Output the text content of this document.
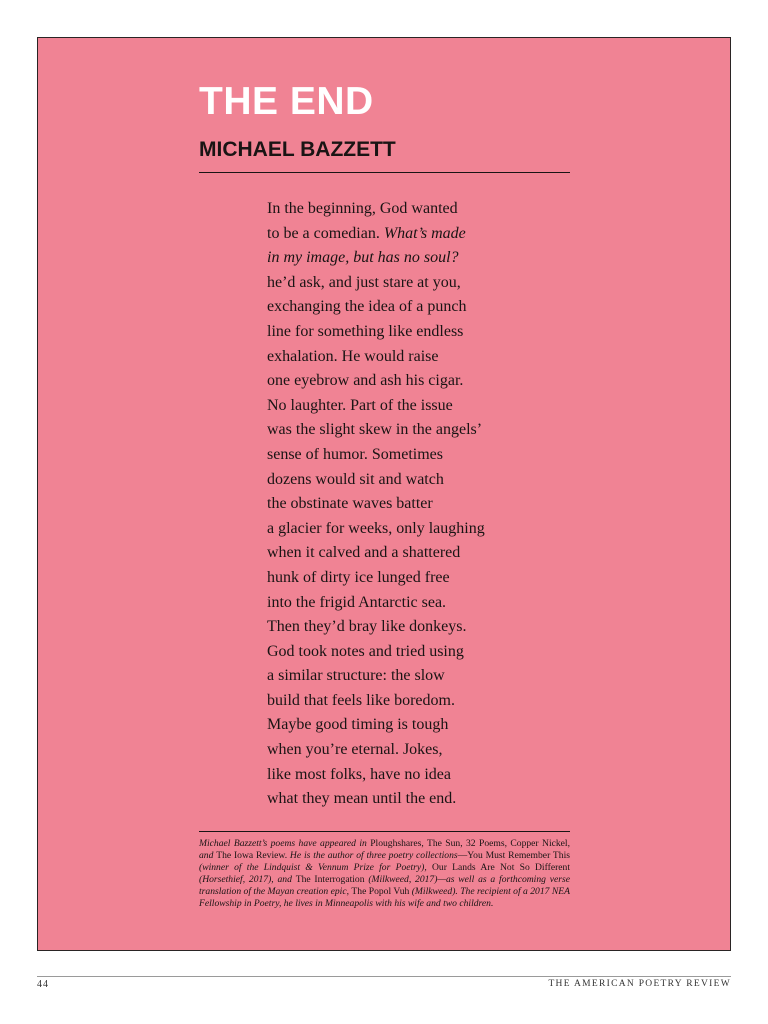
THE END
MICHAEL BAZZETT
In the beginning, God wanted
to be a comedian. What’s made
in my image, but has no soul?
he’d ask, and just stare at you,
exchanging the idea of a punch
line for something like endless
exhalation. He would raise
one eyebrow and ash his cigar.
No laughter. Part of the issue
was the slight skew in the angels’
sense of humor. Sometimes
dozens would sit and watch
the obstinate waves batter
a glacier for weeks, only laughing
when it calved and a shattered
hunk of dirty ice lunged free
into the frigid Antarctic sea.
Then they’d bray like donkeys.
God took notes and tried using
a similar structure: the slow
build that feels like boredom.
Maybe good timing is tough
when you’re eternal. Jokes,
like most folks, have no idea
what they mean until the end.

Michael Bazzett’s poems have appeared in Ploughshares, The Sun, 32 Poems, Copper Nickel, and The Iowa Review. He is the author of three poetry collections—You Must Remember This (winner of the Lindquist & Vennum Prize for Poetry), Our Lands Are Not So Different (Horsethief, 2017), and The Interrogation (Milkweed, 2017)—as well as a forthcoming verse translation of the Mayan creation epic, The Popol Vuh (Milkweed). The recipient of a 2017 NEA Fellowship in Poetry, he lives in Minneapolis with his wife and two children.

44	THE AMERICAN POETRY REVIEW
